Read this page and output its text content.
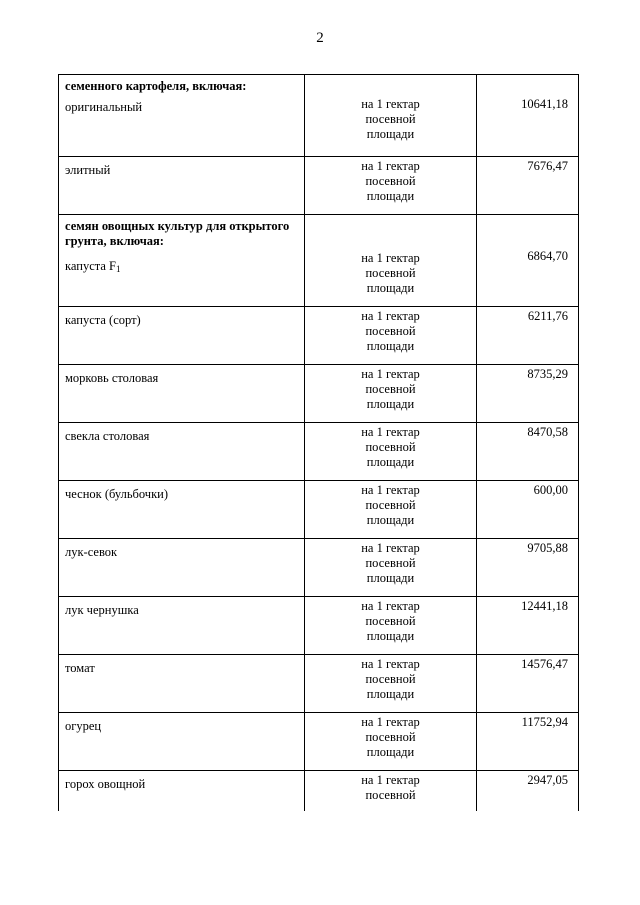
2
семенного картофеля, включая:
оригинальный	на 1 гектар
посевной
площади	10641,18

элитный	на 1 гектар
посевной
площади	7676,47

семян овощных культур для открытого грунта, включая:
капуста $F_1$	на 1 гектар
посевной
площади	6864,70

капуста (сорт)	на 1 гектар
посевной
площади	6211,76

морковь столовая	на 1 гектар
посевной
площади	8735,29

свекла столовая	на 1 гектар
посевной
площади	8470,58

чеснок (бульбочки)	на 1 гектар
посевной
площади	600,00

лук-севок	на 1 гектар
посевной
площади	9705,88

лук чернушка	на 1 гектар
посевной
площади	12441,18

томат	на 1 гектар
посевной
площади	14576,47

огурец	на 1 гектар
посевной
площади	11752,94

горох овощной	на 1 гектар
посевной	2947,05
